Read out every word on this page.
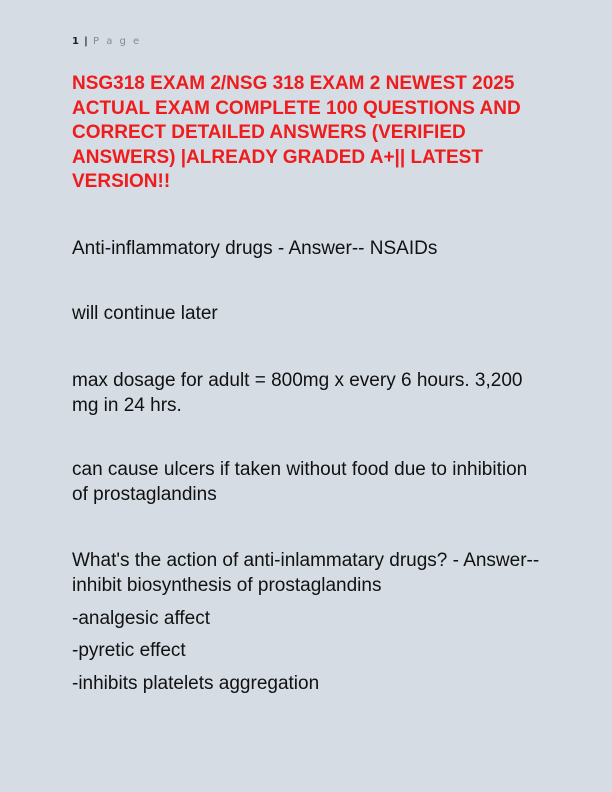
1 | P a g e
NSG318 EXAM 2/NSG 318 EXAM 2 NEWEST 2025 ACTUAL EXAM COMPLETE 100 QUESTIONS AND CORRECT DETAILED ANSWERS (VERIFIED ANSWERS) |ALREADY GRADED A+|| LATEST VERSION!!

Anti-inflammatory drugs - Answer-- NSAIDs

will continue later

max dosage for adult = 800mg x every 6 hours. 3,200 mg in 24 hrs.

can cause ulcers if taken without food due to inhibition of prostaglandins

What's the action of anti-inlammatary drugs? - Answer--inhibit biosynthesis of prostaglandins

-analgesic affect

-pyretic effect

-inhibits platelets aggregation
